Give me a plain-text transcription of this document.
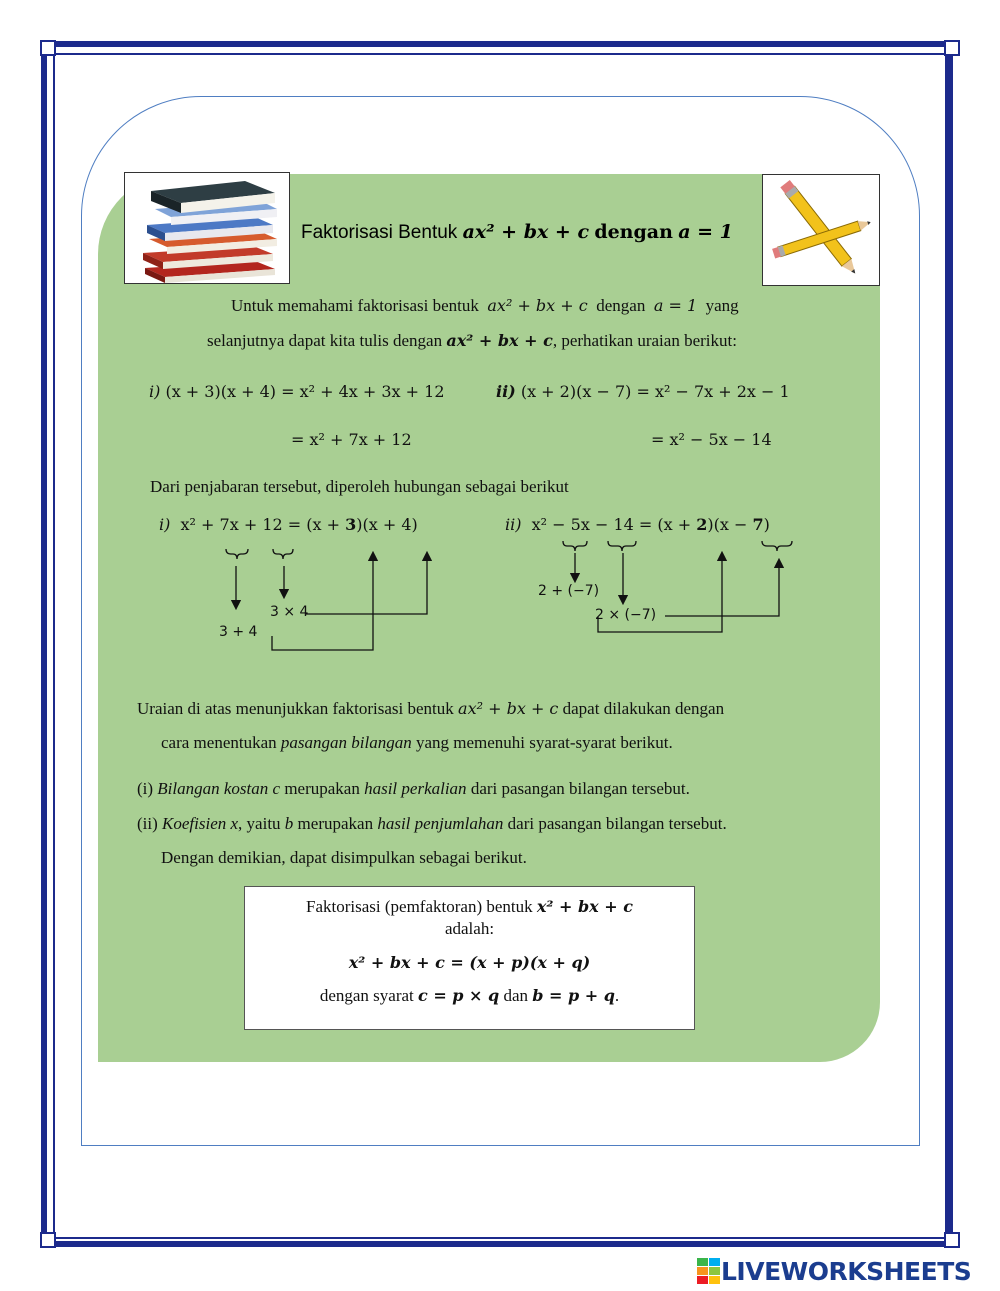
Faktorisasi Bentuk ax² + bx + c dengan a = 1
Untuk memahami faktorisasi bentuk ax² + bx + c dengan a = 1 yang
selanjutnya dapat kita tulis dengan ax² + bx + c, perhatikan uraian berikut:
i) (x + 3)(x + 4) = x² + 4x + 3x + 12	ii) (x + 2)(x − 7) = x² − 7x + 2x − 1
= x² + 7x + 12	= x² − 5x − 14
Dari penjabaran tersebut, diperoleh hubungan sebagai berikut
i) x² + 7x + 12 = (x + 3)(x + 4)
3 + 4
3 × 4
ii) x² − 5x − 14 = (x + 2)(x − 7)
2 + (−7)
2 × (−7)
Uraian di atas menunjukkan faktorisasi bentuk ax² + bx + c dapat dilakukan dengan
cara menentukan pasangan bilangan yang memenuhi syarat-syarat berikut.
(i) Bilangan kostan c merupakan hasil perkalian dari pasangan bilangan tersebut.
(ii) Koefisien x, yaitu b merupakan hasil penjumlahan dari pasangan bilangan tersebut.
Dengan demikian, dapat disimpulkan sebagai berikut.
Faktorisasi (pemfaktoran) bentuk x² + bx + c
adalah:
x² + bx + c = (x + p)(x + q)
dengan syarat c = p × q dan b = p + q.
LIVEWORKSHEETS
